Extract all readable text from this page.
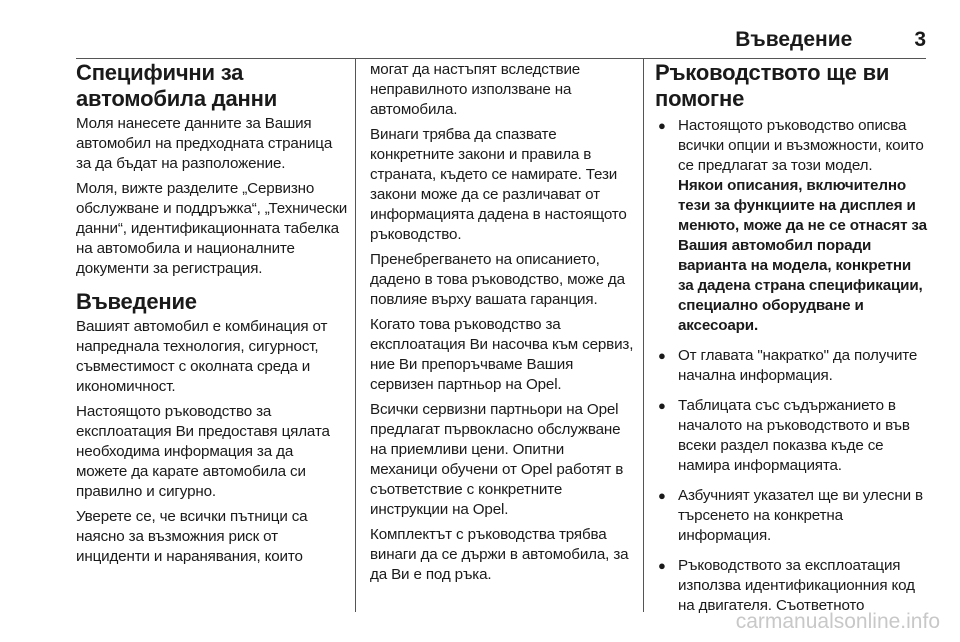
Въведение	3
Специфични за автомобила данни

Моля нанесете данните за Вашия автомобил на предходната страница за да бъдат на разположение.

Моля, вижте разделите „Сервизно обслужване и поддръжка“, „Технически данни“, идентификационната табелка на автомобила и националните документи за регистрация.

Въведение

Вашият автомобил е комбинация от напреднала технология, сигурност, съвместимост с околната среда и икономичност.

Настоящото ръководство за експлоатация Ви предоставя цялата необходима информация за да можете да карате автомобила си правилно и сигурно.

Уверете се, че всички пътници са наясно за възможния риск от инциденти и наранявания, които

могат да настъпят вследствие неправилното използване на автомобила.

Винаги трябва да спазвате конкретните закони и правила в страната, където се намирате. Тези закони може да се различават от информацията дадена в настоящото ръководство.

Пренебрегването на описанието, дадено в това ръководство, може да повлияе върху вашата гаранция.

Когато това ръководство за експлоатация Ви насочва към сервиз, ние Ви препоръчваме Вашия сервизен партньор на Opel.

Всички сервизни партньори на Opel предлагат първокласно обслужване на приемливи цени. Опитни механици обучени от Opel работят в съответствие с конкретните инструкции на Opel.

Комплектът с ръководства трябва винаги да се държи в автомобила, за да Ви е под ръка.

Ръководството ще ви помогне
● Настоящото ръководство описва всички опции и възможности, които се предлагат за този модел.
Някои описания, включително тези за функциите на дисплея и менюто, може да не се отнасят за Вашия автомобил поради варианта на модела, конкретни за дадена страна спецификации, специално оборудване и аксесоари.
● От главата "накратко" да получите начална информация.
● Таблицата със съдържанието в началото на ръководството и във всеки раздел показва къде се намира информацията.
● Азбучният указател ще ви улесни в търсенето на конкретна информация.
● Ръководството за експлоатация използва идентификационния код на двигателя. Съответното
carmanualsonline.info
